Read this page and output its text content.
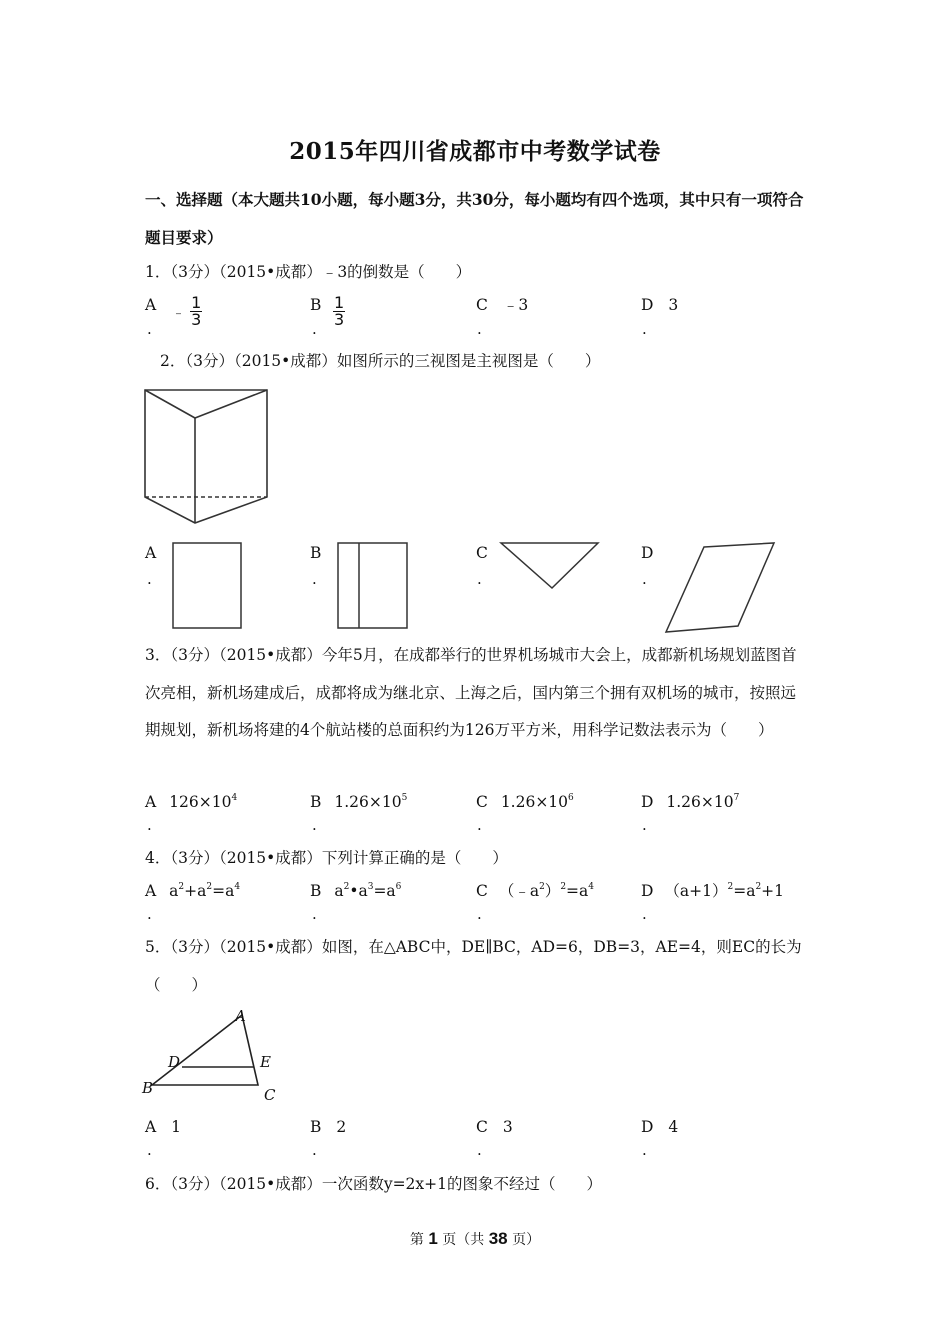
2015年四川省成都市中考数学试卷
一、选择题（本大题共10小题，每小题3分，共30分，每小题均有四个选项，其中只有一项符合题目要求）
1．（3分）（2015•成都）﹣3的倒数是（　　）
A ﹣ $\frac{1}{3}$
.
B $\frac{1}{3}$
.
C ﹣3
.
D 3
.
2．（3分）（2015•成都）如图所示的三视图是主视图是（　　）
A
.
B
.
C
.
D
.
3．（3分）（2015•成都）今年5月，在成都举行的世界机场城市大会上，成都新机场规划蓝图首次亮相，新机场建成后，成都将成为继北京、上海之后，国内第三个拥有双机场的城市，按照远期规划，新机场将建的4个航站楼的总面积约为126万平方米，用科学记数法表示为（　　）
A $126\times 10^4$
.
B $1.26\times 10^5$
.
C $1.26\times 10^6$
.
D $1.26\times 10^7$
.
4．（3分）（2015•成都）下列计算正确的是（　　）
A $a^2+a^2=a^4$
.
B $a^2•a^3=a^6$
.
C $(﹣a^2)^2=a^4$
.
D $(a+1)^2=a^2+1$
.
5．（3分）（2015•成都）如图，在△ABC中，DE∥BC，AD=6，DB=3，AE=4，则EC的长为（　　）
A
D	E
B	C
A 1
.
B 2
.
C 3
.
D 4
.
6．（3分）（2015•成都）一次函数y=2x+1的图象不经过（　　）
第 1 页（共 38 页）
